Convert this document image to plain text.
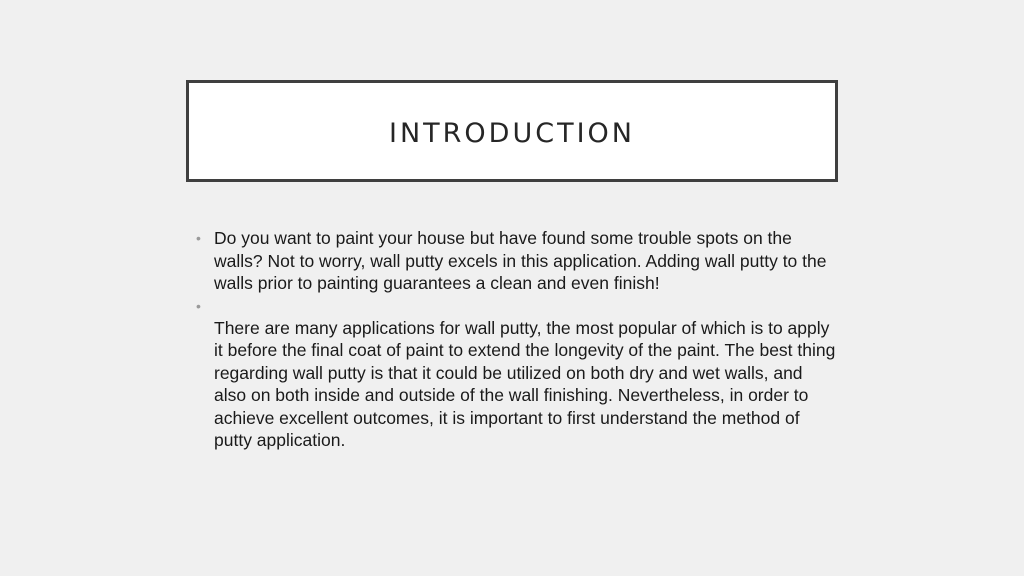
INTRODUCTION
• Do you want to paint your house but have found some trouble spots on the walls? Not to worry, wall putty excels in this application. Adding wall putty to the walls prior to painting guarantees a clean and even finish!

•

There are many applications for wall putty, the most popular of which is to apply it before the final coat of paint to extend the longevity of the paint. The best thing regarding wall putty is that it could be utilized on both dry and wet walls, and also on both inside and outside of the wall finishing. Nevertheless, in order to achieve excellent outcomes, it is important to first understand the method of putty application.
